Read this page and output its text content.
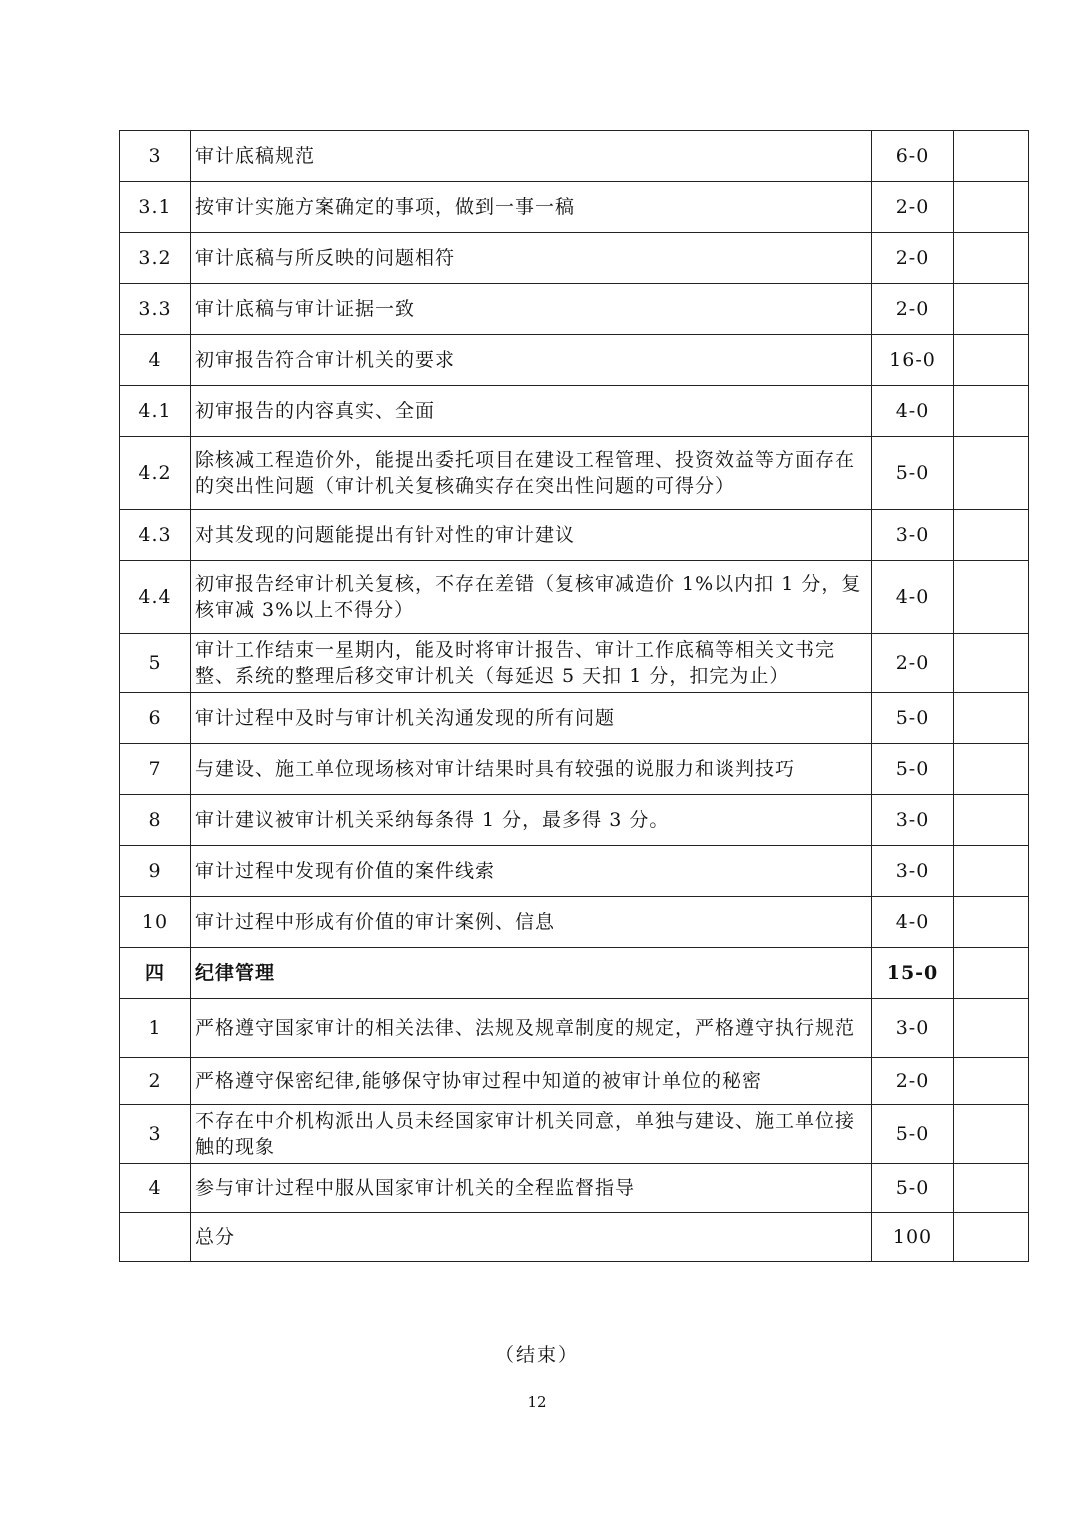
3	审计底稿规范	6-0	
3.1	按审计实施方案确定的事项，做到一事一稿	2-0	
3.2	审计底稿与所反映的问题相符	2-0	
3.3	审计底稿与审计证据一致	2-0	
4	初审报告符合审计机关的要求	16-0	
4.1	初审报告的内容真实、全面	4-0	
4.2	除核减工程造价外，能提出委托项目在建设工程管理、投资效益等方面存在的突出性问题（审计机关复核确实存在突出性问题的可得分）	5-0	
4.3	对其发现的问题能提出有针对性的审计建议	3-0	
4.4	初审报告经审计机关复核，不存在差错（复核审减造价 1%以内扣 1 分，复核审减 3%以上不得分）	4-0	
5	审计工作结束一星期内，能及时将审计报告、审计工作底稿等相关文书完整、系统的整理后移交审计机关（每延迟 5 天扣 1 分，扣完为止）	2-0	
6	审计过程中及时与审计机关沟通发现的所有问题	5-0	
7	与建设、施工单位现场核对审计结果时具有较强的说服力和谈判技巧	5-0	
8	审计建议被审计机关采纳每条得 1 分，最多得 3 分。	3-0	
9	审计过程中发现有价值的案件线索	3-0	
10	审计过程中形成有价值的审计案例、信息	4-0	
四	纪律管理	15-0	
1	严格遵守国家审计的相关法律、法规及规章制度的规定，严格遵守执行规范	3-0	
2	严格遵守保密纪律,能够保守协审过程中知道的被审计单位的秘密	2-0	
3	不存在中介机构派出人员未经国家审计机关同意，单独与建设、施工单位接触的现象	5-0	
4	参与审计过程中服从国家审计机关的全程监督指导	5-0	
	总分	100	
（结束）
12
